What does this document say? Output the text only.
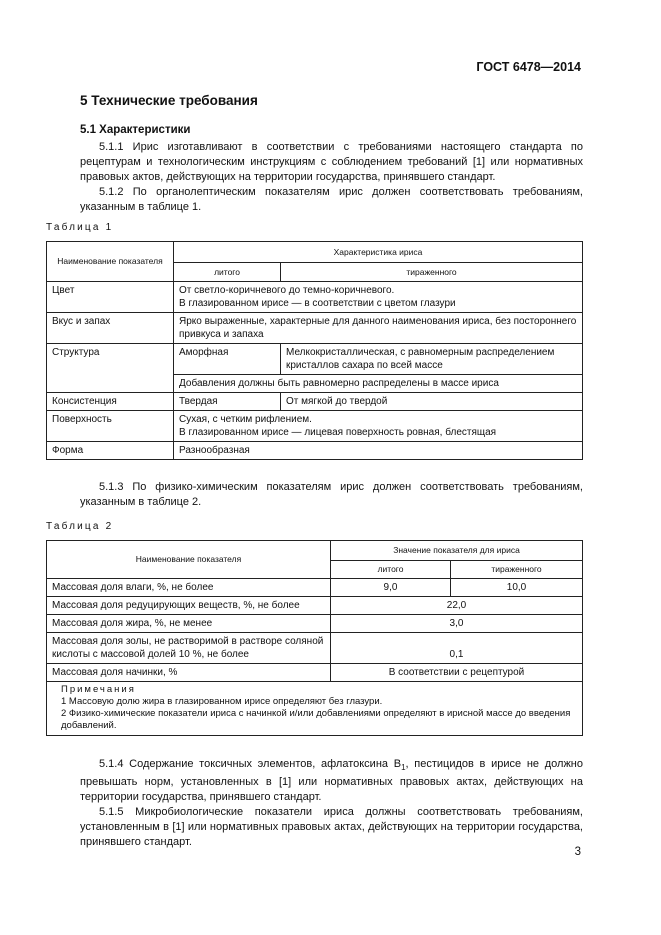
ГОСТ 6478—2014
5 Технические требования
5.1 Характеристики

5.1.1 Ирис изготавливают в соответствии с требованиями настоящего стандарта по рецептурам и технологическим инструкциям с соблюдением требований [1] или нормативных правовых актов, действующих на территории государства, принявшего стандарт.

5.1.2 По органолептическим показателям ирис должен соответствовать требованиям, указанным в таблице 1.

Таблица 1
Наименование показателя	Характеристика ириса	
	литого	тираженного
Цвет	От светло-коричневого до темно-коричневого.
В глазированном ирисе — в соответствии с цветом глазури	

Вкус и запах	Ярко выраженные, характерные для данного наименования ириса, без постороннего привкуса и запаха	
Структура	Аморфная	Мелкокристаллическая, с равномерным распределением кристаллов сахара по всей массе
	Добавления должны быть равномерно распределены в массе ириса	
Консистенция	Твердая	От мягкой до твердой
Поверхность	Сухая, с четким рифлением.
В глазированном ирисе — лицевая поверхность ровная, блестящая	

Форма	Разнообразная	

5.1.3 По физико-химическим показателям ирис должен соответствовать требованиям, указанным в таблице 2.

Таблица 2
Наименование показателя	Значение показателя для ириса	
	литого	тираженного
Массовая доля влаги, %, не более	9,0	10,0
Массовая доля редуцирующих веществ, %, не более	22,0	
Массовая доля жира, %, не менее	3,0	
Массовая доля золы, не растворимой в растворе соляной кислоты с массовой долей 10 %, не более	0,1	
Массовая доля начинки, %	В соответствии с рецептурой	

Примечания
1 Массовую долю жира в глазированном ирисе определяют без глазури.
2 Физико-химические показатели ириса с начинкой и/или добавлениями определяют в ирисной массе до введения добавлений.		

5.1.4 Содержание токсичных элементов, афлатоксина $B_1$, пестицидов в ирисе не должно превышать норм, установленных в [1] или нормативных правовых актах, действующих на территории государства, принявшего стандарт.

5.1.5 Микробиологические показатели ириса должны соответствовать требованиям, установленным в [1] или нормативных правовых актах, действующих на территории государства, принявшего стандарт.

3
